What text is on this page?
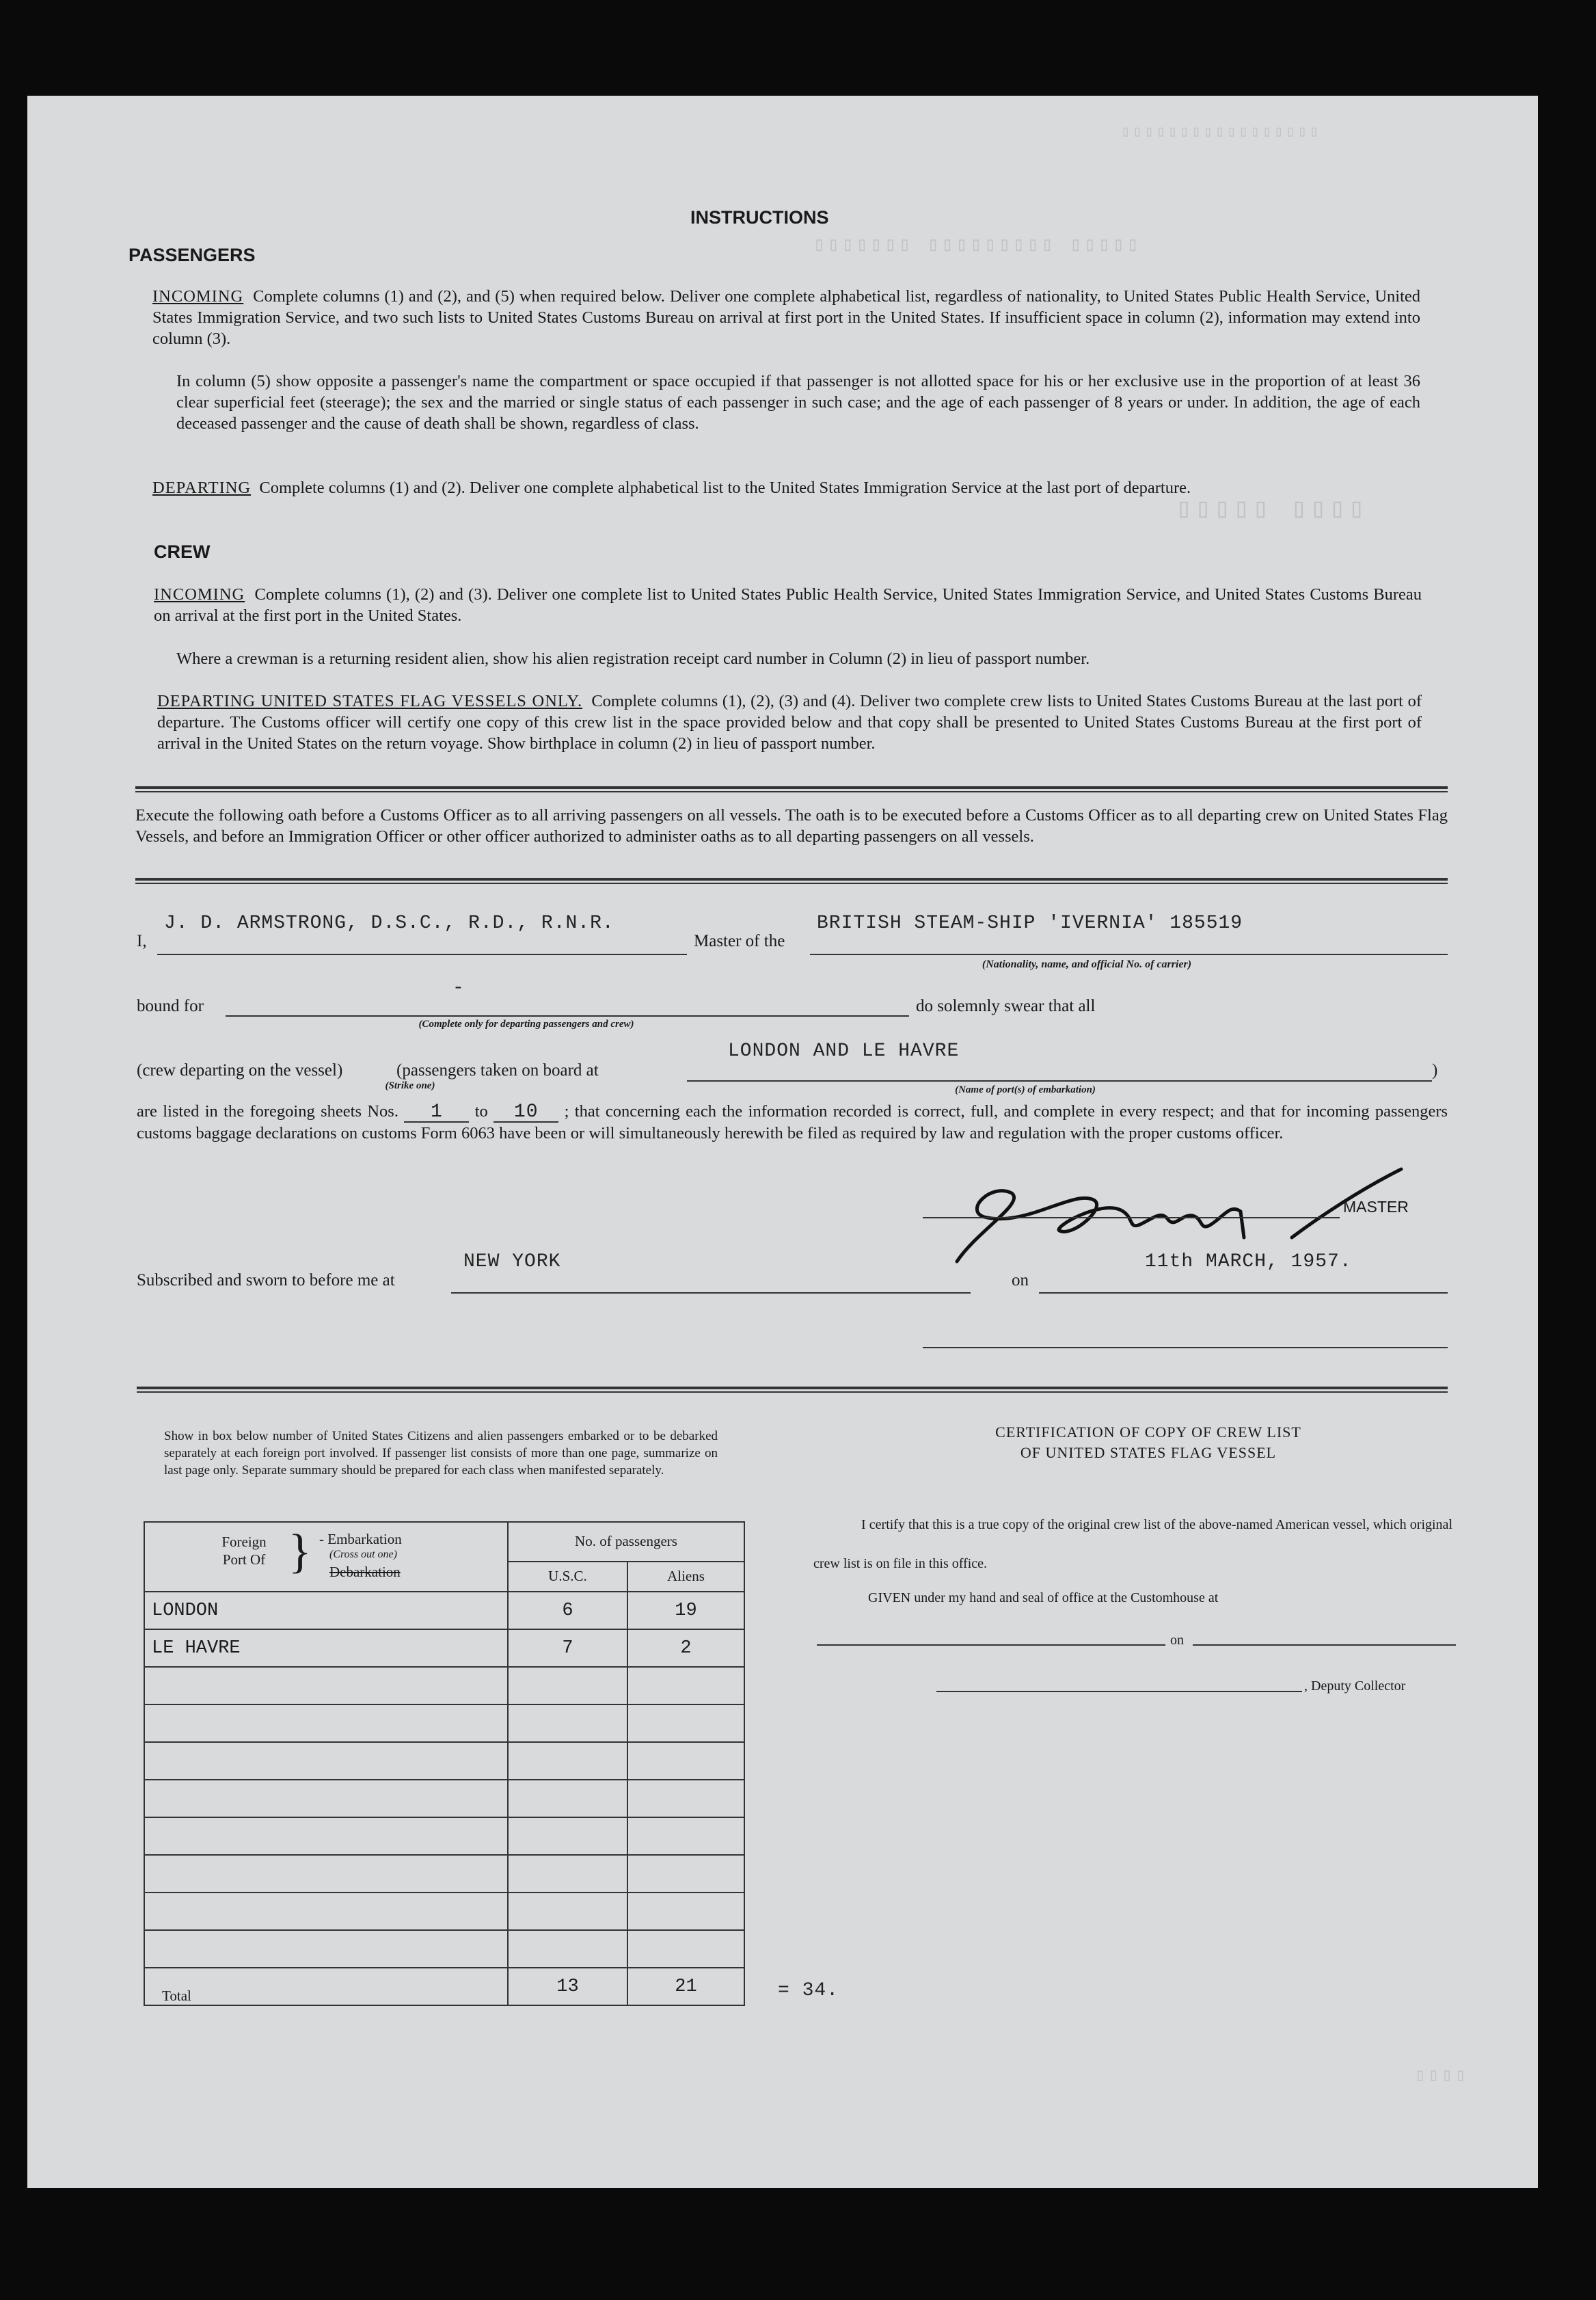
▯▯▯▯▯▯▯▯▯▯▯▯▯▯▯▯▯
▯▯▯▯▯▯▯ ▯▯▯▯▯▯▯▯▯ ▯▯▯▯▯
▯▯▯▯▯ ▯▯▯▯
▯▯▯▯
INSTRUCTIONS
PASSENGERS
INCOMING Complete columns (1) and (2), and (5) when required below. Deliver one complete alphabetical list, regardless of nationality, to United States Public Health Service, United States Immigration Service, and two such lists to United States Customs Bureau on arrival at first port in the United States. If insufficient space in column (2), information may extend into column (3).
In column (5) show opposite a passenger's name the compartment or space occupied if that passenger is not allotted space for his or her exclusive use in the proportion of at least 36 clear superficial feet (steerage); the sex and the married or single status of each passenger in such case; and the age of each passenger of 8 years or under. In addition, the age of each deceased passenger and the cause of death shall be shown, regardless of class.
DEPARTING Complete columns (1) and (2). Deliver one complete alphabetical list to the United States Immigration Service at the last port of departure.
CREW
INCOMING Complete columns (1), (2) and (3). Deliver one complete list to United States Public Health Service, United States Immigration Service, and United States Customs Bureau on arrival at the first port in the United States.
Where a crewman is a returning resident alien, show his alien registration receipt card number in Column (2) in lieu of passport number.
DEPARTING UNITED STATES FLAG VESSELS ONLY. Complete columns (1), (2), (3) and (4). Deliver two complete crew lists to United States Customs Bureau at the last port of departure. The Customs officer will certify one copy of this crew list in the space provided below and that copy shall be presented to United States Customs Bureau at the first port of arrival in the United States on the return voyage. Show birthplace in column (2) in lieu of passport number.
Execute the following oath before a Customs Officer as to all arriving passengers on all vessels. The oath is to be executed before a Customs Officer as to all departing crew on United States Flag Vessels, and before an Immigration Officer or other officer authorized to administer oaths as to all departing passengers on all vessels.
I,
J. D. ARMSTRONG, D.S.C., R.D., R.N.R.
Master of the
BRITISH STEAM-SHIP 'IVERNIA' 185519
(Nationality, name, and official No. of carrier)
bound for
-
(Complete only for departing passengers and crew)
do solemnly swear that all
(crew departing on the vessel)	(passengers taken on board at
(Strike one)
LONDON AND LE HAVRE
(Name of port(s) of embarkation)
)
are listed in the foregoing sheets Nos. 1 to 10 ; that concerning each the information recorded is correct, full, and complete in every respect; and that for incoming passengers customs baggage declarations on customs Form 6063 have been or will simultaneously herewith be filed as required by law and regulation with the proper customs officer.
MASTER
Subscribed and sworn to before me at
NEW YORK
on
11th MARCH, 1957.
Show in box below number of United States Citizens and alien passengers embarked or to be debarked separately at each foreign port involved. If passenger list consists of more than one page, summarize on last page only. Separate summary should be prepared for each class when manifested separately.
Foreign Port Of } - Embarkation
(Cross out one)
Debarkation	No. of passengers	
	U.S.C.	Aliens
LONDON	6	19
LE HAVRE	7	2

Total	13	21	= 34.
CERTIFICATION OF COPY OF CREW LIST
OF UNITED STATES FLAG VESSEL
I certify that this is a true copy of the original crew list of the above-named American vessel, which original crew list is on file in this office.
GIVEN under my hand and seal of office at the Customhouse at
on
, Deputy Collector
